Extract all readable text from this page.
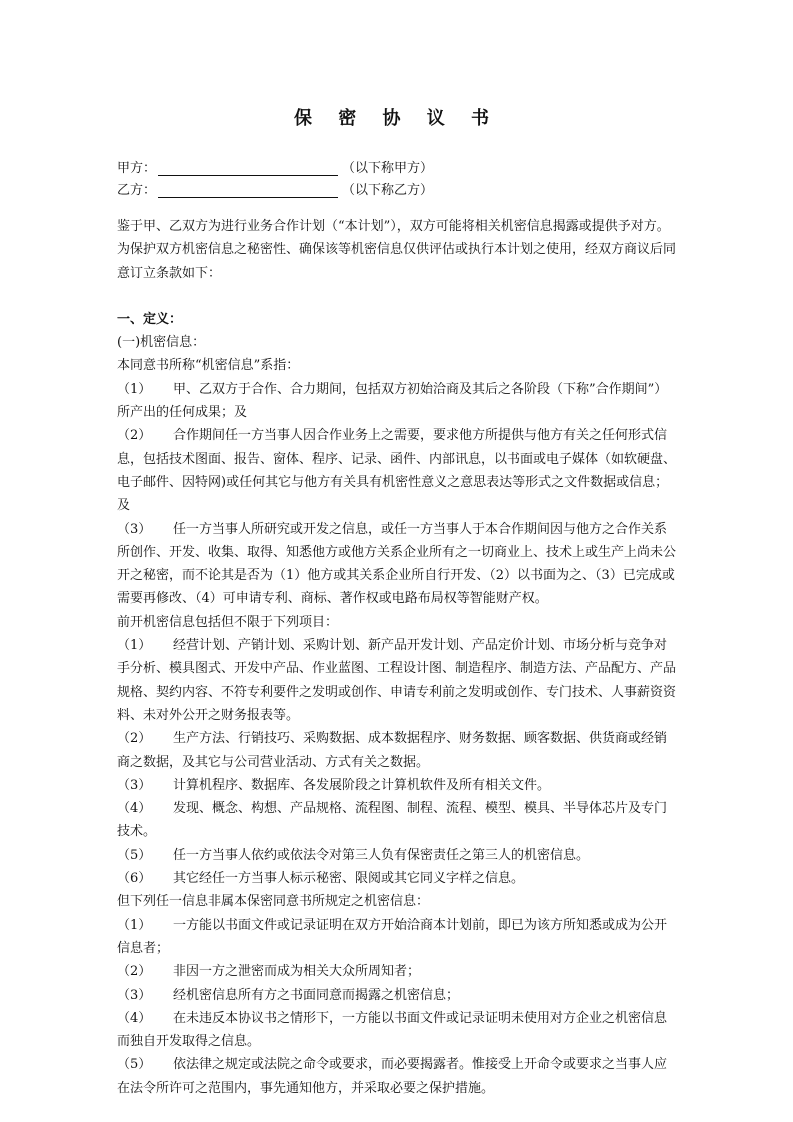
保 密 协 议 书
甲方：	（以下称甲方）
乙方：	（以下称乙方）

鉴于甲、乙双方为进行业务合作计划（“本计划”），双方可能将相关机密信息揭露或提供予对方。为保护双方机密信息之秘密性、确保该等机密信息仅供评估或执行本计划之使用，经双方商议后同意订立条款如下：

一、定义：

(一)机密信息：

本同意书所称“机密信息”系指：

（1） 甲、乙双方于合作、合力期间，包括双方初始洽商及其后之各阶段（下称”合作期间”）所产出的任何成果；及

（2） 合作期间任一方当事人因合作业务上之需要，要求他方所提供与他方有关之任何形式信息，包括技术图面、报告、窗体、程序、记录、函件、内部讯息，以书面或电子媒体（如软硬盘、电子邮件、因特网)或任何其它与他方有关具有机密性意义之意思表达等形式之文件数据或信息；及

（3） 任一方当事人所研究或开发之信息，或任一方当事人于本合作期间因与他方之合作关系所创作、开发、收集、取得、知悉他方或他方关系企业所有之一切商业上、技术上或生产上尚未公开之秘密，而不论其是否为（1）他方或其关系企业所自行开发、（2）以书面为之、（3）已完成或需要再修改、（4）可申请专利、商标、著作权或电路布局权等智能财产权。

前开机密信息包括但不限于下列项目：

（1） 经营计划、产销计划、采购计划、新产品开发计划、产品定价计划、市场分析与竞争对手分析、模具图式、开发中产品、作业蓝图、工程设计图、制造程序、制造方法、产品配方、产品规格、契约内容、不符专利要件之发明或创作、申请专利前之发明或创作、专门技术、人事薪资资料、未对外公开之财务报表等。

（2） 生产方法、行销技巧、采购数据、成本数据程序、财务数据、顾客数据、供货商或经销商之数据，及其它与公司营业活动、方式有关之数据。

（3） 计算机程序、数据库、各发展阶段之计算机软件及所有相关文件。

（4） 发现、概念、构想、产品规格、流程图、制程、流程、模型、模具、半导体芯片及专门技术。

（5） 任一方当事人依约或依法令对第三人负有保密责任之第三人的机密信息。

（6） 其它经任一方当事人标示秘密、限阅或其它同义字样之信息。

但下列任一信息非属本保密同意书所规定之机密信息：

（1） 一方能以书面文件或记录证明在双方开始洽商本计划前，即已为该方所知悉或成为公开信息者；

（2） 非因一方之泄密而成为相关大众所周知者；

（3） 经机密信息所有方之书面同意而揭露之机密信息；

（4） 在未违反本协议书之情形下，一方能以书面文件或记录证明未使用对方企业之机密信息而独自开发取得之信息。

（5） 依法律之规定或法院之命令或要求，而必要揭露者。惟接受上开命令或要求之当事人应在法令所许可之范围内，事先通知他方，并采取必要之保护措施。
